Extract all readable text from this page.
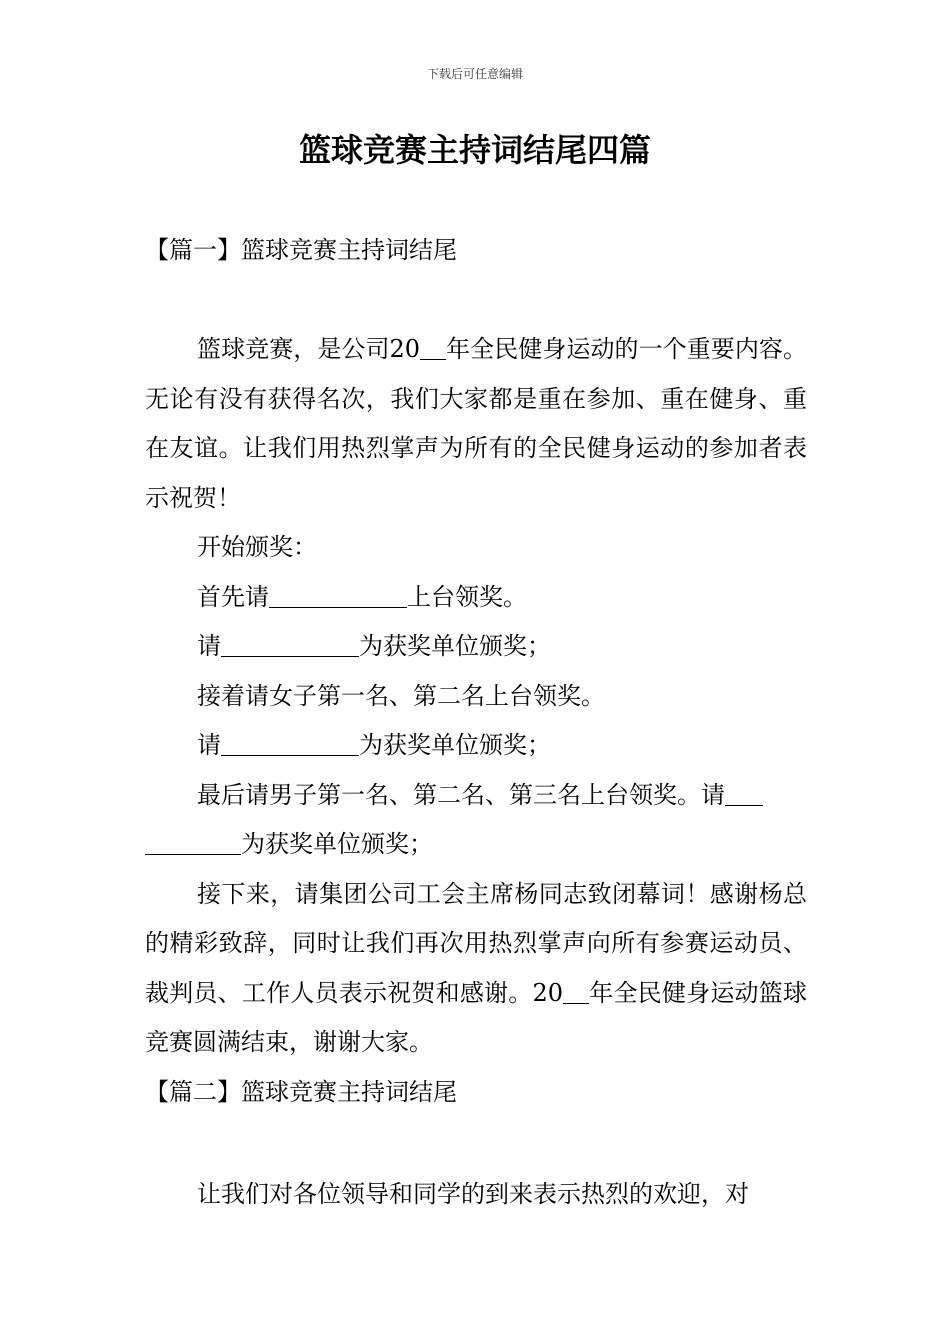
下载后可任意编辑
篮球竞赛主持词结尾四篇

【篇一】篮球竞赛主持词结尾

篮球竞赛，是公司20 年全民健身运动的一个重要内容。无论有没有获得名次，我们大家都是重在参加、重在健身、重在友谊。让我们用热烈掌声为所有的全民健身运动的参加者表示祝贺！

开始颁奖：

首先请	上台领奖。

请	为获奖单位颁奖；

接着请女子第一名、第二名上台领奖。

请	为获奖单位颁奖；

最后请男子第一名、第二名、第三名上台领奖。请

为获奖单位颁奖；

接下来，请集团公司工会主席杨同志致闭幕词！感谢杨总的精彩致辞，同时让我们再次用热烈掌声向所有参赛运动员、裁判员、工作人员表示祝贺和感谢。20 年全民健身运动篮球竞赛圆满结束，谢谢大家。

【篇二】篮球竞赛主持词结尾

让我们对各位领导和同学的到来表示热烈的欢迎，对
